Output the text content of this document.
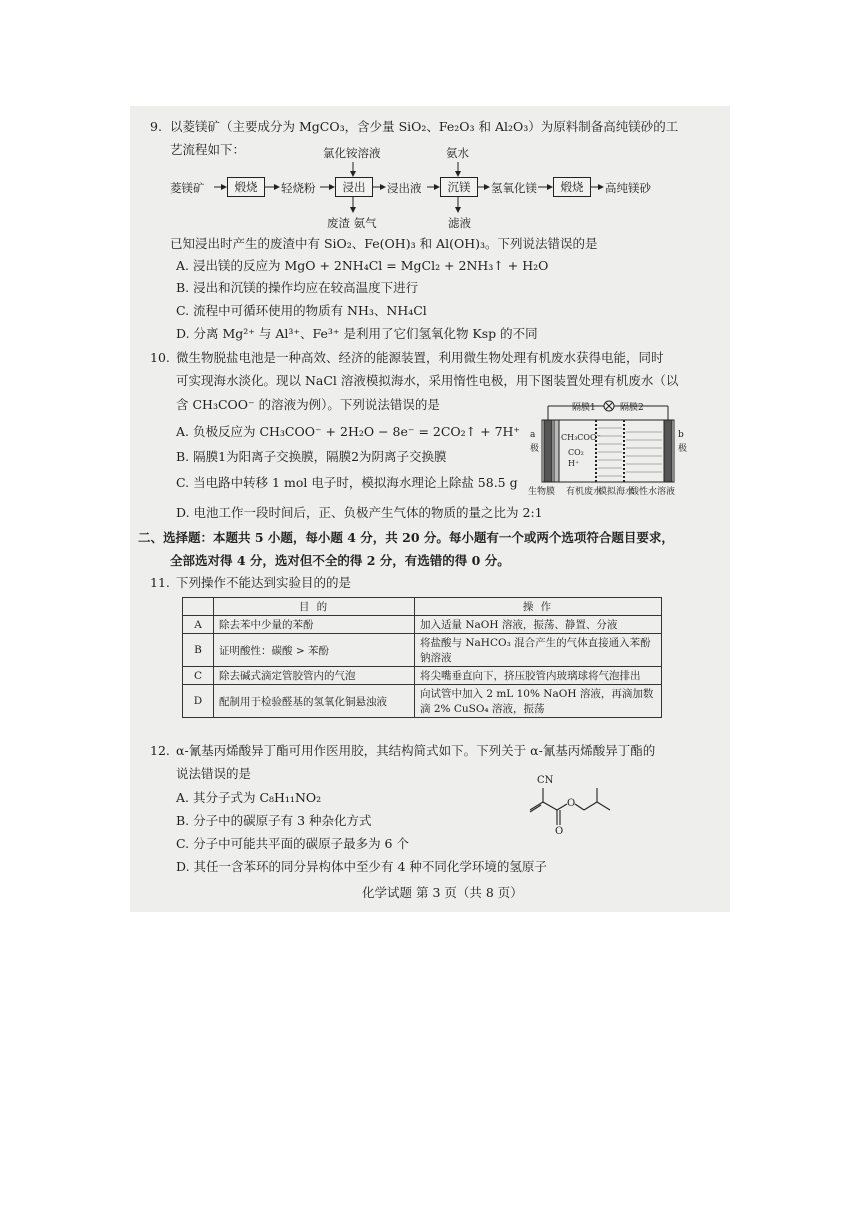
9. 以菱镁矿（主要成分为 MgCO₃，含少量 SiO₂、Fe₂O₃ 和 Al₂O₃）为原料制备高纯镁砂的工
艺流程如下：	氯化铵溶液	氨水
菱镁矿	煅烧	轻烧粉	浸出	浸出液	沉镁	氢氧化镁	煅烧	高纯镁砂
废渣 氨气	滤液
已知浸出时产生的废渣中有 SiO₂、Fe(OH)₃ 和 Al(OH)₃。下列说法错误的是
A. 浸出镁的反应为 MgO + 2NH₄Cl = MgCl₂ + 2NH₃↑ + H₂O
B. 浸出和沉镁的操作均应在较高温度下进行
C. 流程中可循环使用的物质有 NH₃、NH₄Cl
D. 分离 Mg²⁺ 与 Al³⁺、Fe³⁺ 是利用了它们氢氧化物 Ksp 的不同
10. 微生物脱盐电池是一种高效、经济的能源装置，利用微生物处理有机废水获得电能，同时
可实现海水淡化。现以 NaCl 溶液模拟海水，采用惰性电极，用下图装置处理有机废水（以
含 CH₃COO⁻ 的溶液为例）。下列说法错误的是
A. 负极反应为 CH₃COO⁻ + 2H₂O − 8e⁻ = 2CO₂↑ + 7H⁺
B. 隔膜1为阳离子交换膜，隔膜2为阴离子交换膜
C. 当电路中转移 1 mol 电子时，模拟海水理论上除盐 58.5 g
D. 电池工作一段时间后，正、负极产生气体的物质的量之比为 2:1
隔膜1	隔膜2
a极
b极
CH₃COO⁻
CO₂
H⁺
生物膜 有机废水
模拟海水
酸性水溶液
二、选择题：本题共 5 小题，每小题 4 分，共 20 分。每小题有一个或两个选项符合题目要求，
全部选对得 4 分，选对但不全的得 2 分，有选错的得 0 分。
11. 下列操作不能达到实验目的的是
	目 的	操 作
A	除去苯中少量的苯酚	加入适量 NaOH 溶液，振荡、静置、分液
B	证明酸性：碳酸 > 苯酚	将盐酸与 NaHCO₃ 混合产生的气体直接通入苯酚钠溶液
C	除去碱式滴定管胶管内的气泡	将尖嘴垂直向下，挤压胶管内玻璃球将气泡排出
D	配制用于检验醛基的氢氧化铜悬浊液	向试管中加入 2 mL 10% NaOH 溶液，再滴加数滴 2% CuSO₄ 溶液，振荡
12. α-氰基丙烯酸异丁酯可用作医用胶，其结构简式如下。下列关于 α-氰基丙烯酸异丁酯的
说法错误的是
A. 其分子式为 C₈H₁₁NO₂
B. 分子中的碳原子有 3 种杂化方式
C. 分子中可能共平面的碳原子最多为 6 个
D. 其任一含苯环的同分异构体中至少有 4 种不同化学环境的氢原子
CN
O
O
化学试题 第 3 页（共 8 页）
